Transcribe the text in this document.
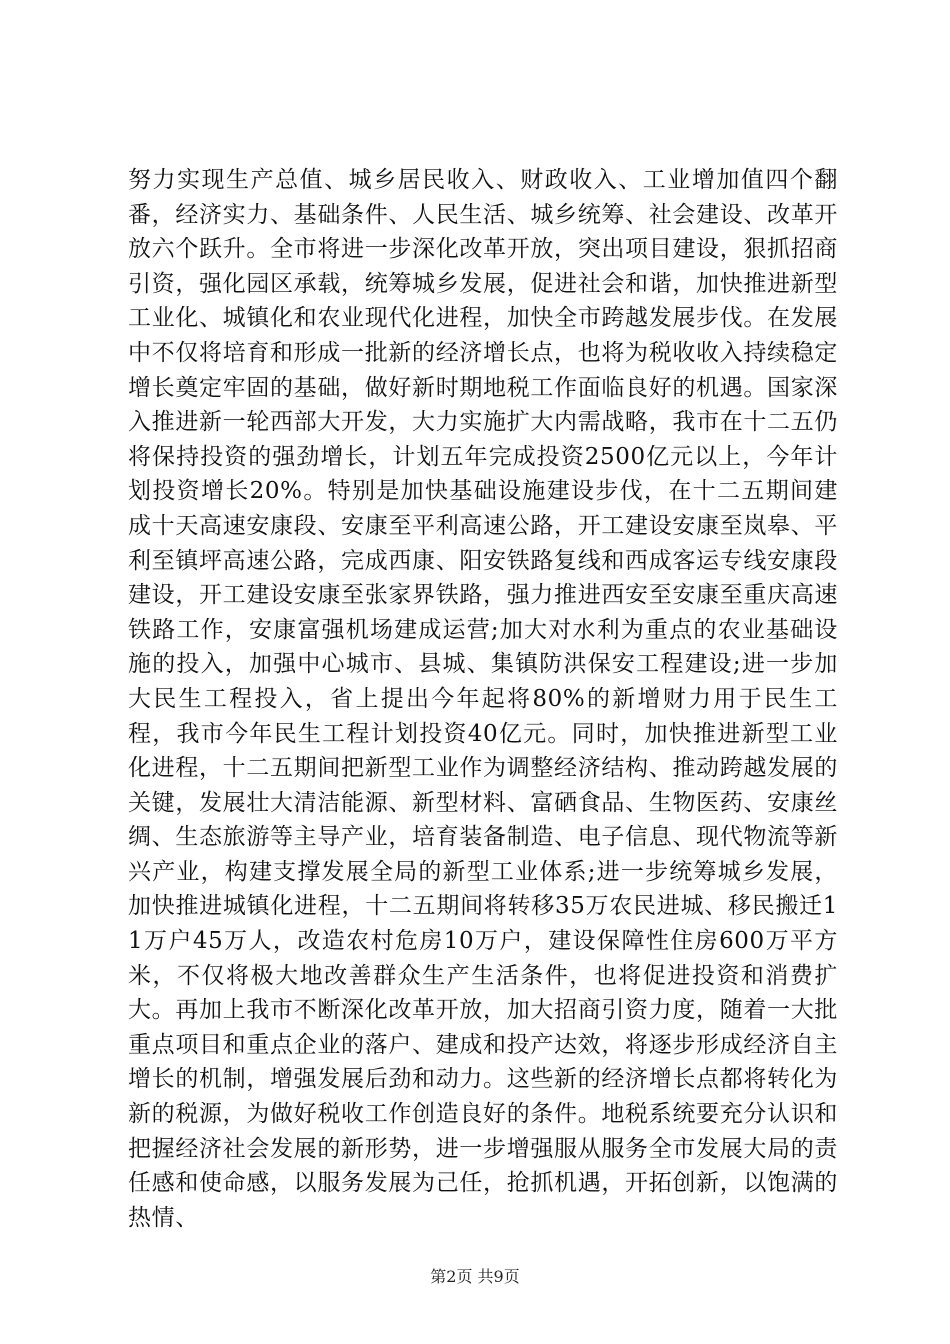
努力实现生产总值、城乡居民收入、财政收入、工业增加值四个翻番，经济实力、基础条件、人民生活、城乡统筹、社会建设、改革开放六个跃升。全市将进一步深化改革开放，突出项目建设，狠抓招商引资，强化园区承载，统筹城乡发展，促进社会和谐，加快推进新型工业化、城镇化和农业现代化进程，加快全市跨越发展步伐。在发展中不仅将培育和形成一批新的经济增长点，也将为税收收入持续稳定增长奠定牢固的基础，做好新时期地税工作面临良好的机遇。国家深入推进新一轮西部大开发，大力实施扩大内需战略，我市在十二五仍将保持投资的强劲增长，计划五年完成投资2500亿元以上，今年计划投资增长20%。特别是加快基础设施建设步伐，在十二五期间建成十天高速安康段、安康至平利高速公路，开工建设安康至岚皋、平利至镇坪高速公路，完成西康、阳安铁路复线和西成客运专线安康段建设，开工建设安康至张家界铁路，强力推进西安至安康至重庆高速铁路工作，安康富强机场建成运营;加大对水利为重点的农业基础设施的投入，加强中心城市、县城、集镇防洪保安工程建设;进一步加大民生工程投入，省上提出今年起将80%的新增财力用于民生工程，我市今年民生工程计划投资40亿元。同时，加快推进新型工业化进程，十二五期间把新型工业作为调整经济结构、推动跨越发展的关键，发展壮大清洁能源、新型材料、富硒食品、生物医药、安康丝绸、生态旅游等主导产业，培育装备制造、电子信息、现代物流等新兴产业，构建支撑发展全局的新型工业体系;进一步统筹城乡发展，加快推进城镇化进程，十二五期间将转移35万农民进城、移民搬迁11万户45万人，改造农村危房10万户，建设保障性住房600万平方米，不仅将极大地改善群众生产生活条件，也将促进投资和消费扩大。再加上我市不断深化改革开放，加大招商引资力度，随着一大批重点项目和重点企业的落户、建成和投产达效，将逐步形成经济自主增长的机制，增强发展后劲和动力。这些新的经济增长点都将转化为新的税源，为做好税收工作创造良好的条件。地税系统要充分认识和把握经济社会发展的新形势，进一步增强服从服务全市发展大局的责任感和使命感，以服务发展为己任，抢抓机遇，开拓创新，以饱满的热情、

第2页 共9页
